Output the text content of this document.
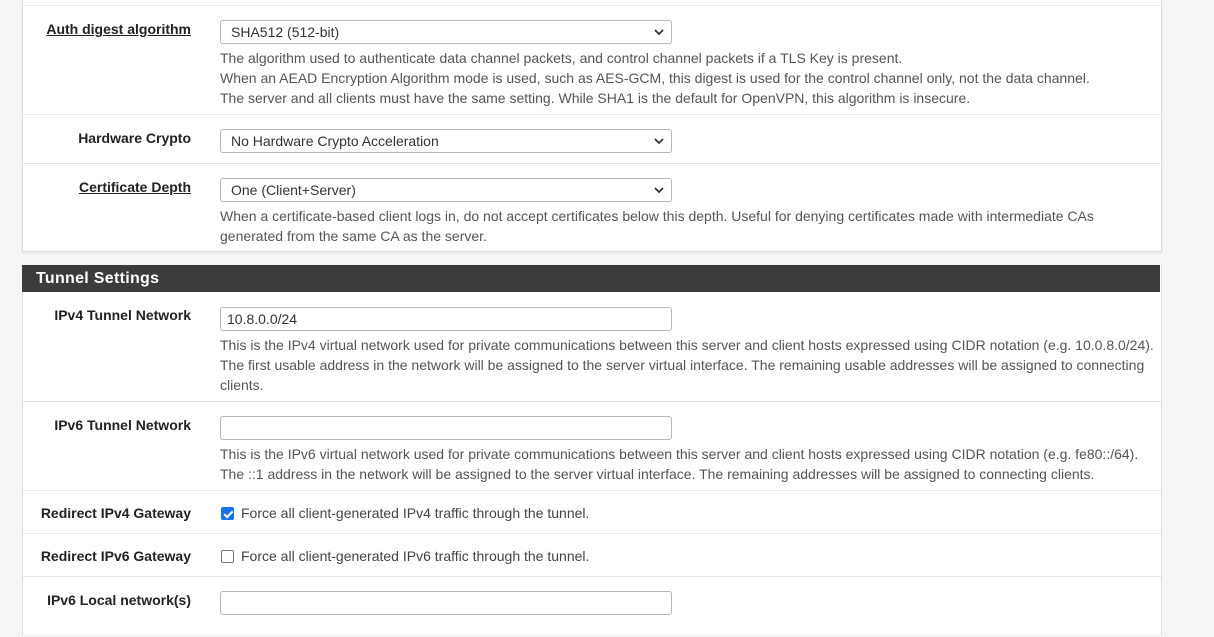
Auth digest algorithm	SHA512 (512-bit)
The algorithm used to authenticate data channel packets, and control channel packets if a TLS Key is present.
When an AEAD Encryption Algorithm mode is used, such as AES-GCM, this digest is used for the control channel only, not the data channel.
The server and all clients must have the same setting. While SHA1 is the default for OpenVPN, this algorithm is insecure.
Hardware Crypto	No Hardware Crypto Acceleration
Certificate Depth	One (Client+Server)
When a certificate-based client logs in, do not accept certificates below this depth. Useful for denying certificates made with intermediate CAs
generated from the same CA as the server.
IPv4 Tunnel Network	10.8.0.0/24
This is the IPv4 virtual network used for private communications between this server and client hosts expressed using CIDR notation (e.g. 10.0.8.0/24).
The first usable address in the network will be assigned to the server virtual interface. The remaining usable addresses will be assigned to connecting
clients.
IPv6 Tunnel Network
This is the IPv6 virtual network used for private communications between this server and client hosts expressed using CIDR notation (e.g. fe80::/64).
The ::1 address in the network will be assigned to the server virtual interface. The remaining addresses will be assigned to connecting clients.
Redirect IPv4 Gateway	Force all client-generated IPv4 traffic through the tunnel.
Redirect IPv6 Gateway	Force all client-generated IPv6 traffic through the tunnel.
IPv6 Local network(s)
Tunnel Settings
